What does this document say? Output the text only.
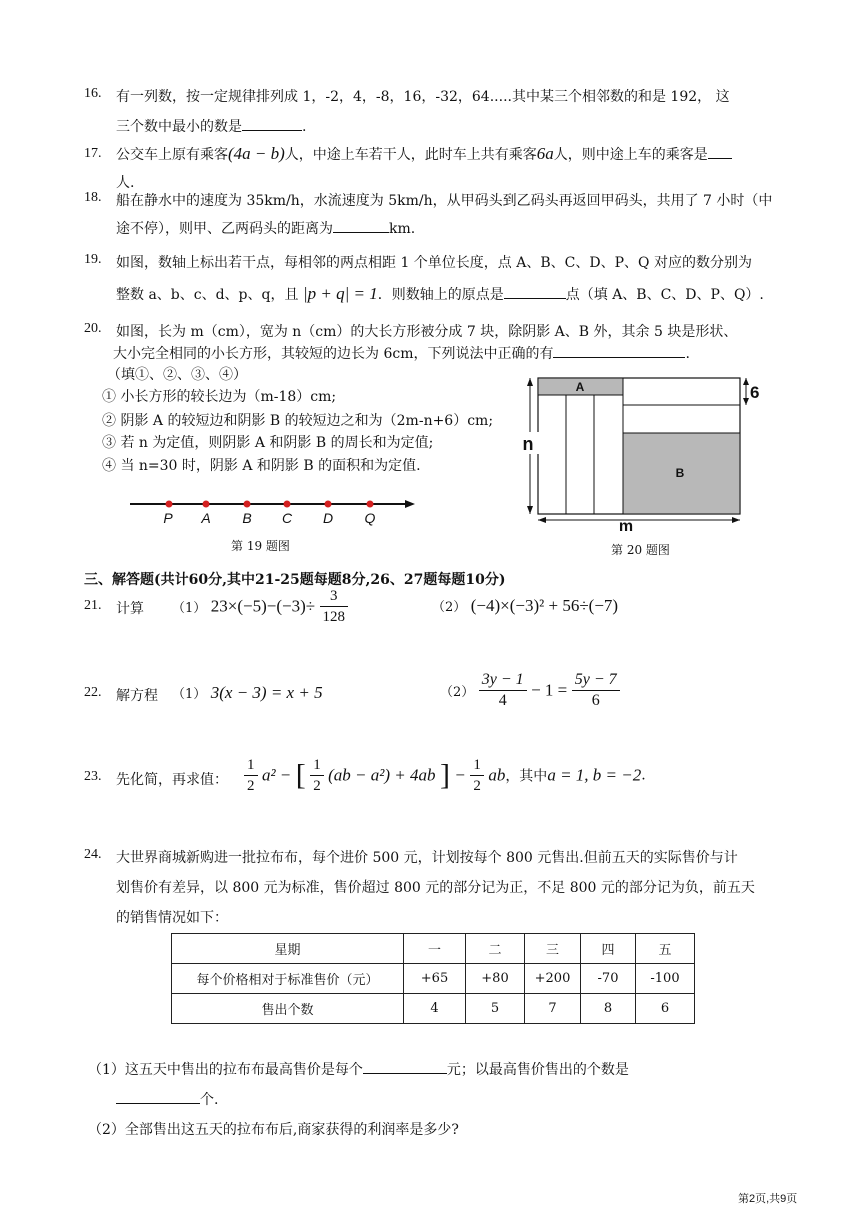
16. 有一列数，按一定规律排列成 1，-2，4，-8，16，-32，64.....其中某三个相邻数的和是 192， 这
三个数中最小的数是	.
17. 公交车上原有乘客(4a − b)人，中途上车若干人，此时车上共有乘客6a人，则中途上车的乘客是
人.
18. 船在静水中的速度为 35km/h，水流速度为 5km/h，从甲码头到乙码头再返回甲码头，共用了 7 小时（中
途不停），则甲、乙两码头的距离为	km.
19. 如图，数轴上标出若干点，每相邻的两点相距 1 个单位长度，点 A、B、C、D、P、Q 对应的数分别为
整数 a、b、c、d、p、q，且 |p + q| = 1．则数轴上的原点是	点（填 A、B、C、D、P、Q）.
20. 如图，长为 m（cm），宽为 n（cm）的大长方形被分成 7 块，除阴影 A、B 外，其余 5 块是形状、
大小完全相同的小长方形，其较短的边长为 6cm，下列说法中正确的有	.
（填①、②、③、④）
① 小长方形的较长边为（m-18）cm;
② 阴影 A 的较短边和阴影 B 的较短边之和为（2m-n+6）cm;
③ 若 n 为定值，则阴影 A 和阴影 B 的周长和为定值;
④ 当 n=30 时，阴影 A 和阴影 B 的面积和为定值.
P A B C D Q
第 19 题图
A
B
n
m
6
第 20 题图
三、解答题(共计60分,其中21-25题每题8分,26、27题每题10分)
21. 计算 （1） $23\times(-5)-(-3)\div \frac{3}{128}$	（2） (−4)×(−3)² + 56÷(−7)
22. 解方程 （1） 3(x − 3) = x + 5	$(2) \frac{3y - 1}{4} - 1 = \frac{5y - 7}{6}$
23. 先化简，再求值： $\frac{1}{2} a^2$ − [ $\frac{1}{2} (ab - a^2) + 4ab$ ] − $\frac{1}{2}$ ab，其中a = 1, b = −2.
24. 大世界商城新购进一批拉布布，每个进价 500 元，计划按每个 800 元售出.但前五天的实际售价与计
划售价有差异，以 800 元为标准，售价超过 800 元的部分记为正，不足 800 元的部分记为负，前五天
的销售情况如下：
星期	一	二	三	四	五
每个价格相对于标准售价（元）	+65	+80	+200	-70	-100
售出个数	4	5	7	8	6
（1）这五天中售出的拉布布最高售价是每个	元；以最高售价售出的个数是
个.
（2）全部售出这五天的拉布布后,商家获得的利润率是多少?
第2页,共9页
